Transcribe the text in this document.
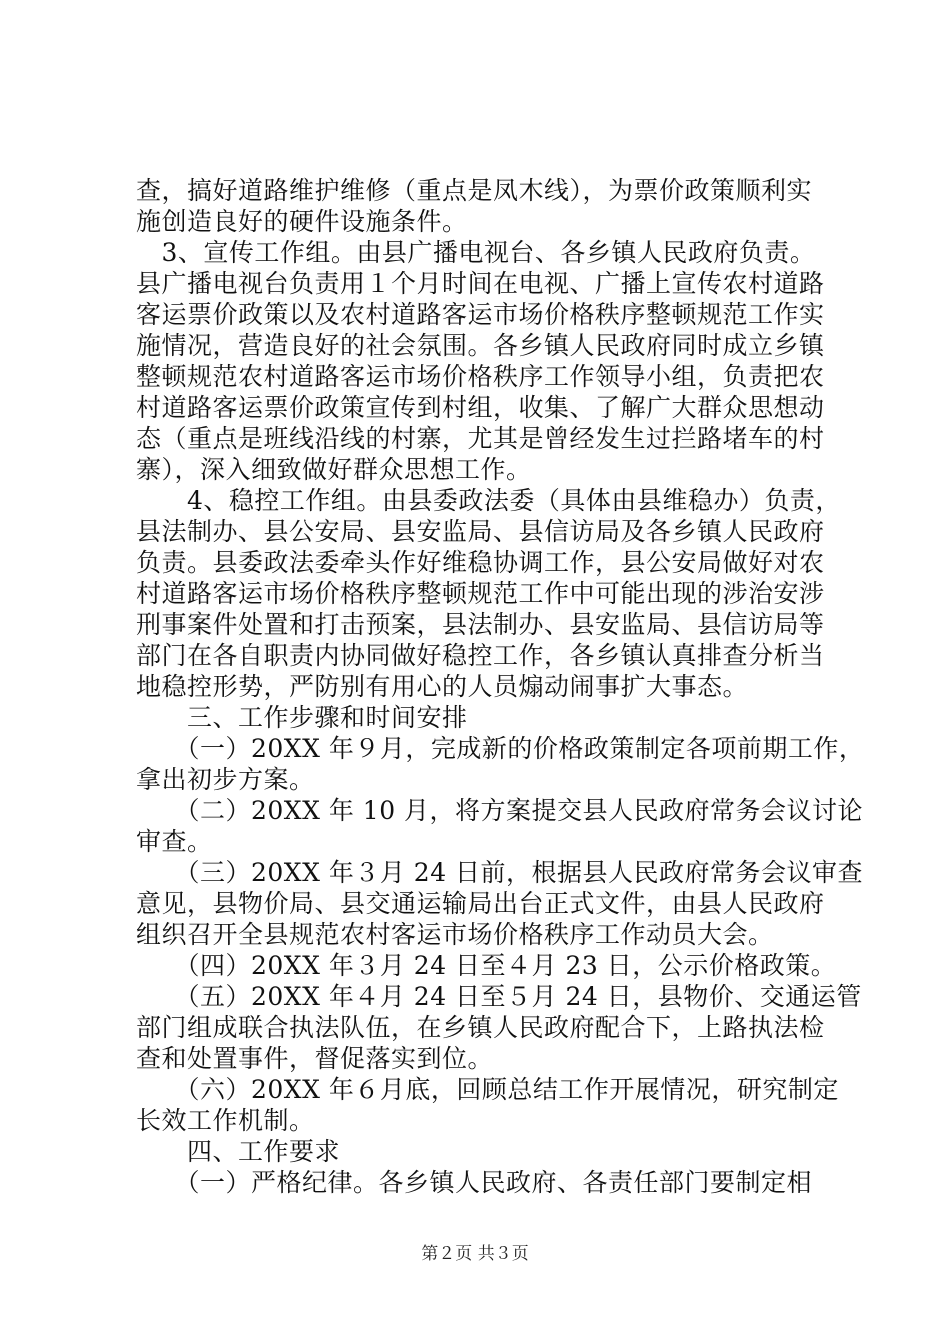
查，搞好道路维护维修（重点是凤木线），为票价政策顺利实

施创造良好的硬件设施条件。

　3、宣传工作组。由县广播电视台、各乡镇人民政府负责。

县广播电视台负责用１个月时间在电视、广播上宣传农村道路

客运票价政策以及农村道路客运市场价格秩序整顿规范工作实

施情况，营造良好的社会氛围。各乡镇人民政府同时成立乡镇

整顿规范农村道路客运市场价格秩序工作领导小组，负责把农

村道路客运票价政策宣传到村组，收集、了解广大群众思想动

态（重点是班线沿线的村寨，尤其是曾经发生过拦路堵车的村

寨），深入细致做好群众思想工作。

　　4、稳控工作组。由县委政法委（具体由县维稳办）负责，

县法制办、县公安局、县安监局、县信访局及各乡镇人民政府

负责。县委政法委牵头作好维稳协调工作，县公安局做好对农

村道路客运市场价格秩序整顿规范工作中可能出现的涉治安涉

刑事案件处置和打击预案，县法制办、县安监局、县信访局等

部门在各自职责内协同做好稳控工作，各乡镇认真排查分析当

地稳控形势，严防别有用心的人员煽动闹事扩大事态。

　　三、工作步骤和时间安排

　　（一）20XX 年９月，完成新的价格政策制定各项前期工作，

拿出初步方案。

　　（二）20XX 年 10 月，将方案提交县人民政府常务会议讨论

审查。

　　（三）20XX 年３月 24 日前，根据县人民政府常务会议审查

意见，县物价局、县交通运输局出台正式文件，由县人民政府

组织召开全县规范农村客运市场价格秩序工作动员大会。

　　（四）20XX 年３月 24 日至４月 23 日，公示价格政策。

　　（五）20XX 年４月 24 日至５月 24 日，县物价、交通运管

部门组成联合执法队伍，在乡镇人民政府配合下，上路执法检

查和处置事件，督促落实到位。

　　（六）20XX 年６月底，回顾总结工作开展情况，研究制定

长效工作机制。

　　四、工作要求

　　（一）严格纪律。各乡镇人民政府、各责任部门要制定相

第２页 共３页
